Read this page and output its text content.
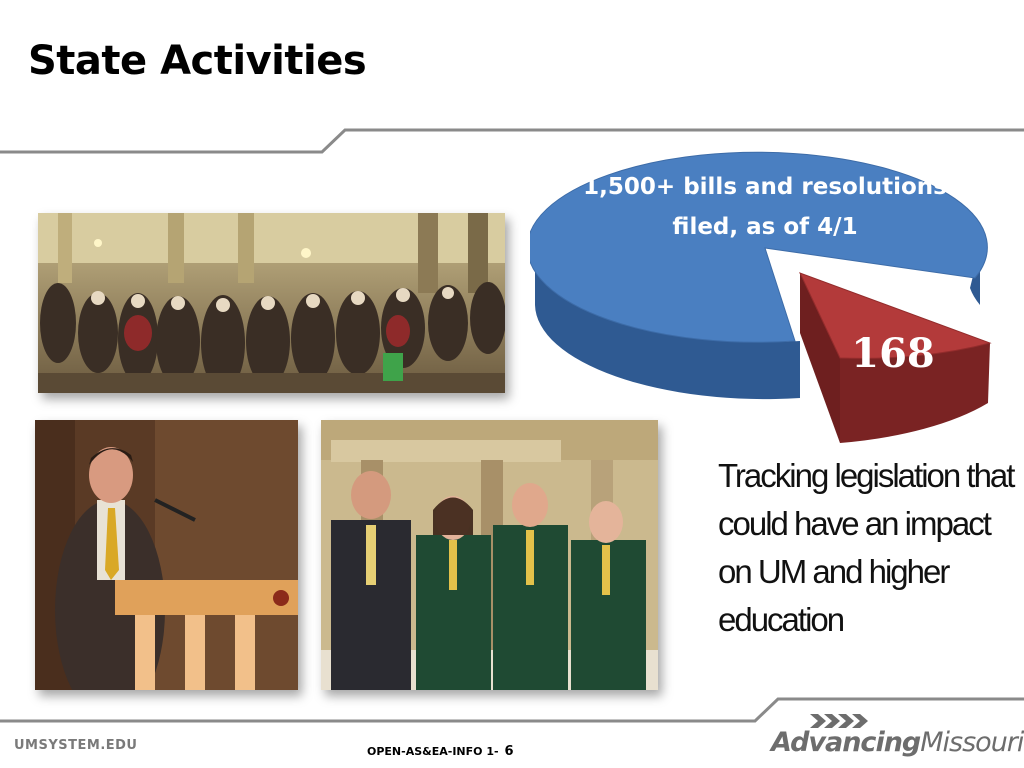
State Activities
1,500+ bills and resolutions filed, as of 4/1
168
Tracking legislation that could have an impact on UM and higher education
UMSYSTEM.EDU	OPEN-AS&EA-INFO 1- 6	AdvancingMissouri
